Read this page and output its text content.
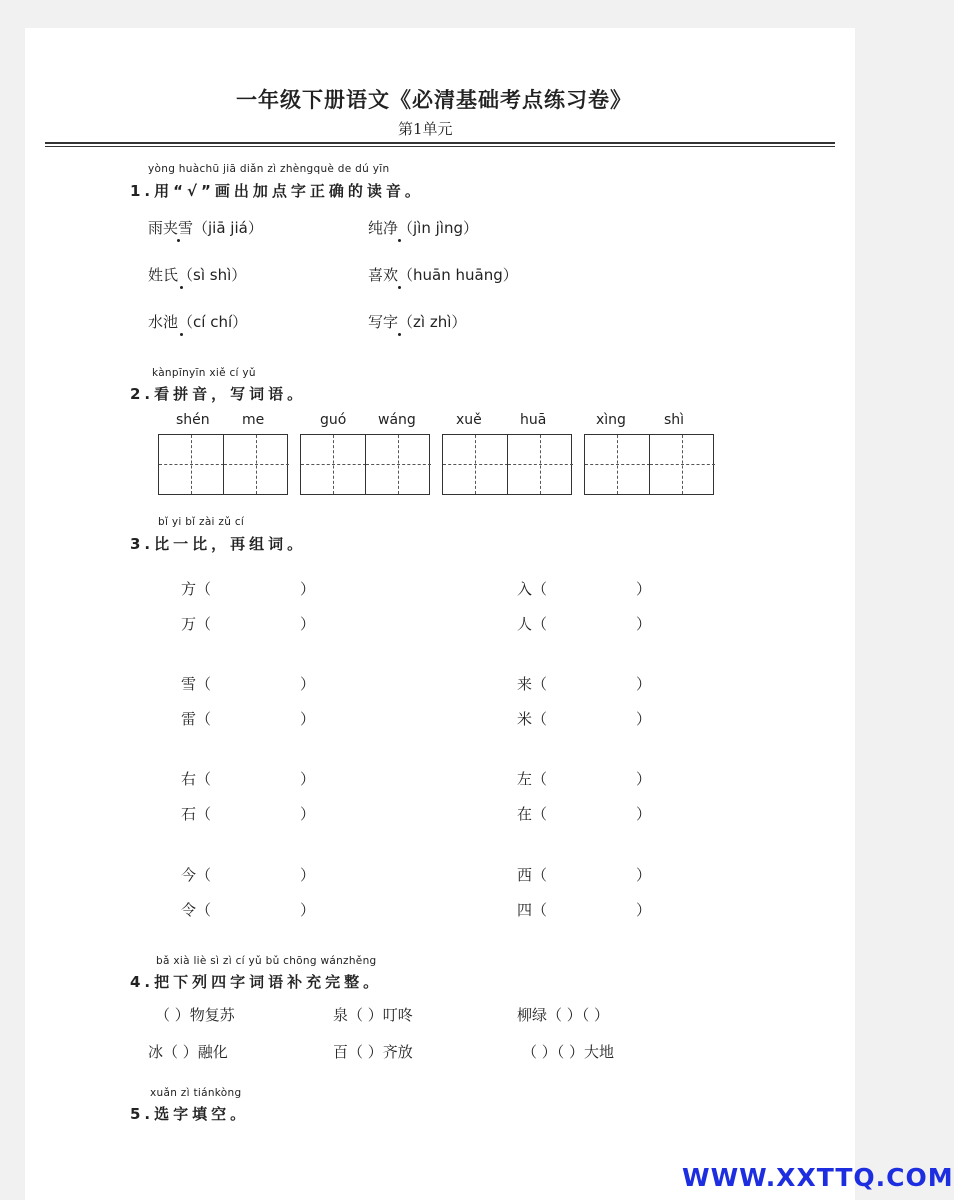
一年级下册语文《必清基础考点练习卷》
第1单元
yòng huàchū jiā diǎn zì zhèngquè de dú yīn
1.用“√”画出加点字正确的读音。
雨夹雪（jiā jiá）	纯净（jìn jìng）
姓氏（sì shì）	喜欢（huān huāng）
水池（cí chí）	写字（zì zhì）
kànpīnyīn xiě cí yǔ
2.看拼音，写词语。
shén me	guó wáng	xuě	huā	xìng	shì
bǐ yi bǐ zài zǔ cí
3.比一比，再组词。
方（	）	入（	）
万（	）	人（	）
雪（	）	来（	）
雷（	）	米（	）
右（	）	左（	）
石（	）	在（	）
今（	）	西（	）
令（	）	四（	）
bǎ xià liè sì zì cí yǔ bǔ chōng wánzhěng
4.把下列四字词语补充完整。
（ ）物复苏	泉（ ）叮咚	柳绿（ ）（ ）
冰（ ）融化	百（ ）齐放	（ ）（ ）大地
xuǎn zì tiánkòng
5.选字填空。
WWW.XXTTQ.COM
